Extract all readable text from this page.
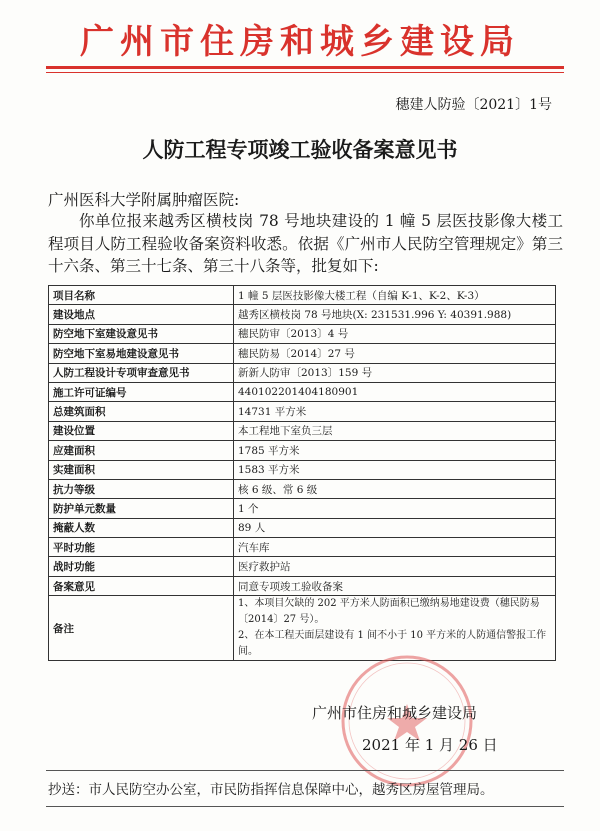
广州市住房和城乡建设局
穗建人防验〔2021〕1号
人防工程专项竣工验收备案意见书
广州医科大学附属肿瘤医院:
你单位报来越秀区横枝岗 78 号地块建设的 1 幢 5 层医技影像大楼工程项目人防工程验收备案资料收悉。依据《广州市人民防空管理规定》第三十六条、第三十七条、第三十八条等，批复如下:
项目名称	1 幢 5 层医技影像大楼工程（自编 K-1、K-2、K-3）
建设地点	越秀区横枝岗 78 号地块(X: 231531.996 Y: 40391.988)
防空地下室建设意见书	穗民防审〔2013〕4 号
防空地下室易地建设意见书	穗民防易〔2014〕27 号
人防工程设计专项审查意见书	新新人防审〔2013〕159 号
施工许可证编号	440102201404180901
总建筑面积	14731 平方米
建设位置	本工程地下室负三层
应建面积	1785 平方米
实建面积	1583 平方米
抗力等级	核 6 级、常 6 级
防护单元数量	1 个
掩蔽人数	89 人
平时功能	汽车库
战时功能	医疗救护站
备案意见	同意专项竣工验收备案
备注	1、本项目欠缺的 202 平方米人防面积已缴纳易地建设费（穗民防易〔2014〕27 号）。
2、在本工程天面层建设有 1 间不小于 10 平方米的人防通信警报工作间。
广州市住房和城乡建设局
2021 年 1 月 26 日
抄送：市人民防空办公室，市民防指挥信息保障中心，越秀区房屋管理局。
